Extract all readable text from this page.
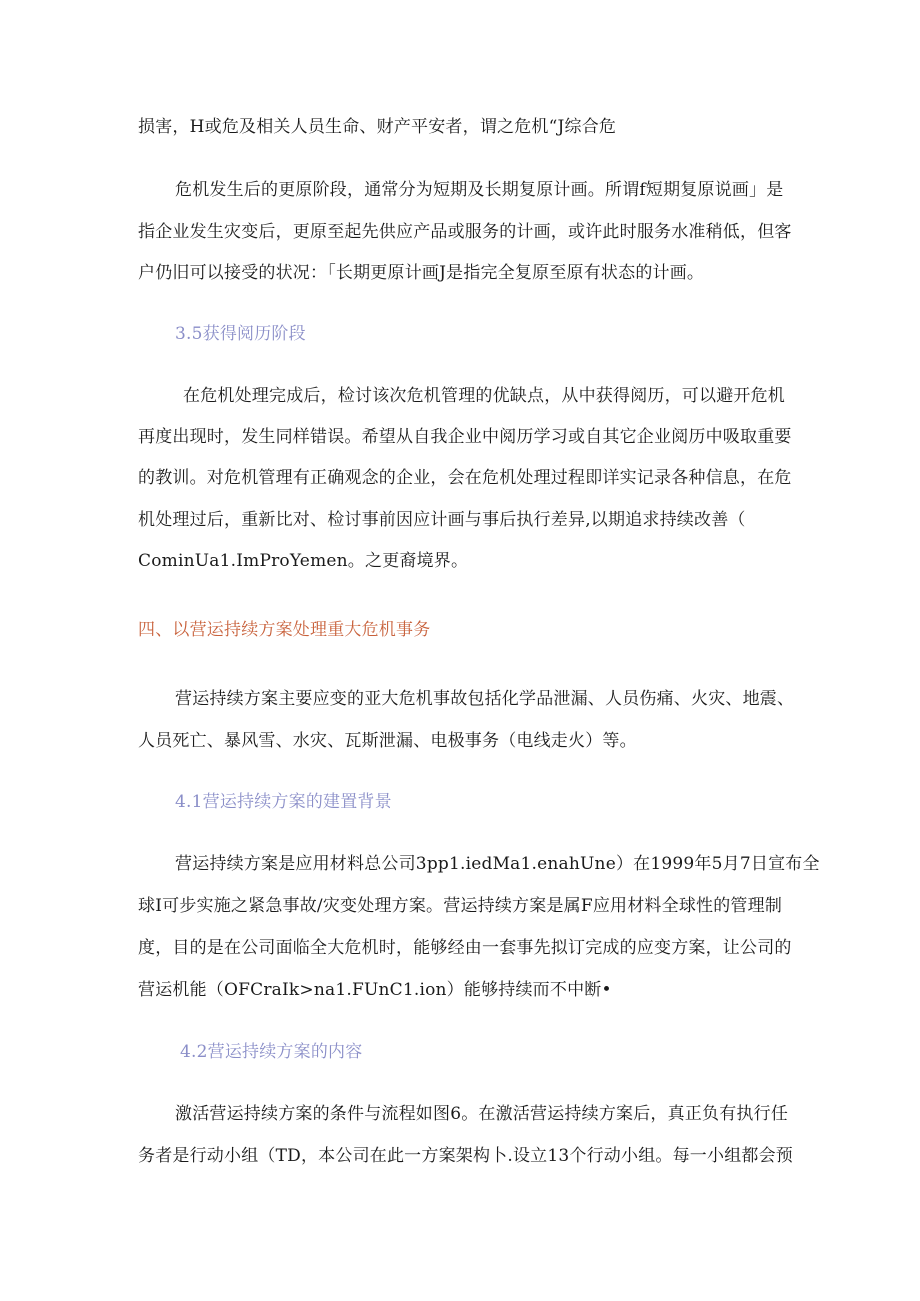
损害，H或危及相关人员生命、财产平安者，谓之危机“J综合危
危机发生后的更原阶段，通常分为短期及长期复原计画。所谓f短期复原说画」是
指企业发生灾变后，更原至起先供应产品或服务的计画，或许此时服务水准稍低，但客
户仍旧可以接受的状况：「长期更原计画J是指完全复原至原有状态的计画。
3.5获得阅历阶段
在危机处理完成后，检讨该次危机管理的优缺点，从中获得阅历，可以避开危机
再度出现时，发生同样错误。希望从自我企业中阅历学习或自其它企业阅历中吸取重要
的教训。对危机管理有正确观念的企业，会在危机处理过程即详实记录各种信息，在危
机处理过后，重新比对、检讨事前因应计画与事后执行差异,以期追求持续改善（
CominUa1.ImProYemen。之更裔境界。
四、以营运持续方案处理重大危机事务
营运持续方案主要应变的亚大危机事故包括化学品泄漏、人员伤痛、火灾、地震、
人员死亡、暴风雪、水灾、瓦斯泄漏、电极事务（电线走火）等。
4.1营运持续方案的建置背景
营运持续方案是应用材料总公司3pp1.iedMa1.enahUne）在1999年5月7日宣布全
球I可步实施之紧急事故/灾变处理方案。营运持续方案是属F应用材料全球性的管理制
度，目的是在公司面临全大危机时，能够经由一套事先拟订完成的应变方案，让公司的
营运机能（OFCraIk>na1.FUnC1.ion）能够持续而不中断•
4.2营运持续方案的内容
激活营运持续方案的条件与流程如图6。在激活营运持续方案后，真正负有执行任
务者是行动小组（TD，本公司在此一方案架构卜.设立13个行动小组。每一小组都会预
